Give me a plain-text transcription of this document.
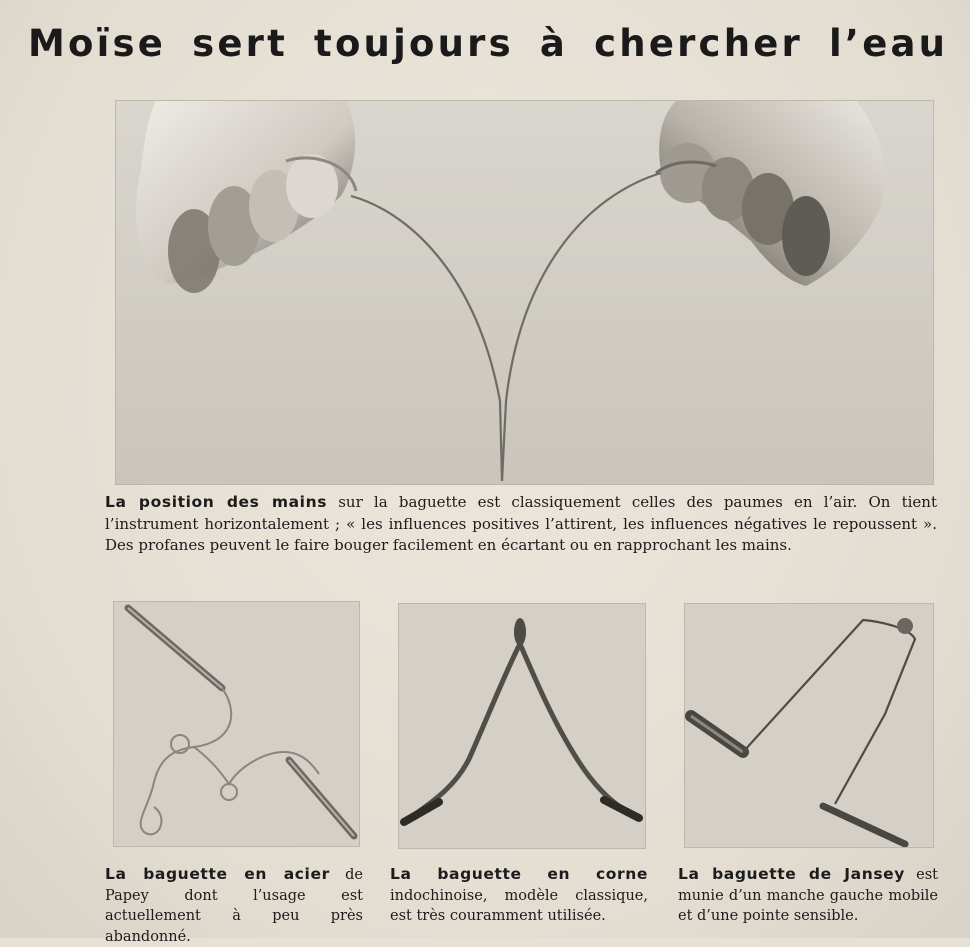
Moïse sert toujours à chercher l’eau
La position des mains sur la baguette est classiquement celles des paumes en l’air. On tient l’instrument horizontalement ; « les influences positives l’attirent, les influences négatives le repoussent ». Des profanes peuvent le faire bouger facilement en écartant ou en rapprochant les mains.
La baguette en acier de Papey dont l’usage est actuellement à peu près abandonné.
La baguette en corne indochinoise, modèle classique, est très couramment utilisée.
La baguette de Jansey est munie d’un manche gauche mobile et d’une pointe sensible.
